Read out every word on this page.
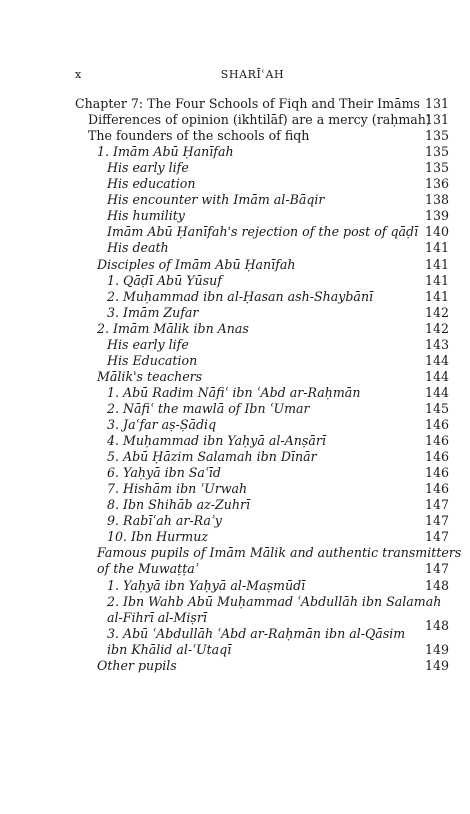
x	SHARĪʿAH
Chapter 7: The Four Schools of Fiqh and Their Imāms 131
Differences of opinion (ikhtilāf) are a mercy (raḥmah)
131
The founders of the schools of fiqh	135
1. Imām Abū Ḥanīfah	135
His early life	135
His education	136
His encounter with Imām al-Bāqir	138
His humility	139
Imām Abū Ḥanīfah's rejection of the post of qāḍī 140
His death	141
Disciples of Imām Abū Ḥanīfah	141
1. Qāḍī Abū Yūsuf	141
2. Muḥammad ibn al-Ḥasan ash-Shaybānī	141
3. Imām Zufar	142
2. Imām Mālik ibn Anas	142
His early life	143
His Education	144
Mālik's teachers	144
1. Abū Radim Nāfiʿ ibn ʿAbd ar-Raḥmān	144
2. Nāfiʿ the mawlā of Ibn ʿUmar	145
3. Jaʿfar aṣ-Ṣādiq	146
4. Muḥammad ibn Yaḥyā al-Anṣārī	146
5. Abū Ḥāzim Salamah ibn Dīnār	146
6. Yaḥyā ibn Saʿīd	146
7. Hishām ibn ʿUrwah	146
8. Ibn Shihāb az-Zuhrī	147
9. Rabīʿah ar-Raʾy	147
10. Ibn Hurmuz	147
Famous pupils of Imām Mālik and authentic transmitters
of the Muwaṭṭaʾ	147
1. Yaḥyā ibn Yaḥyā al-Maṣmūdī	148
2. Ibn Wahb Abū Muḥammad ʿAbdullāh ibn Salamah
al-Fihrī al-Miṣrī
148
3. Abū ʿAbdullāh ʿAbd ar-Raḥmān ibn al-Qāsim
ibn Khālid al-ʿUtaqī	149
Other pupils	149
